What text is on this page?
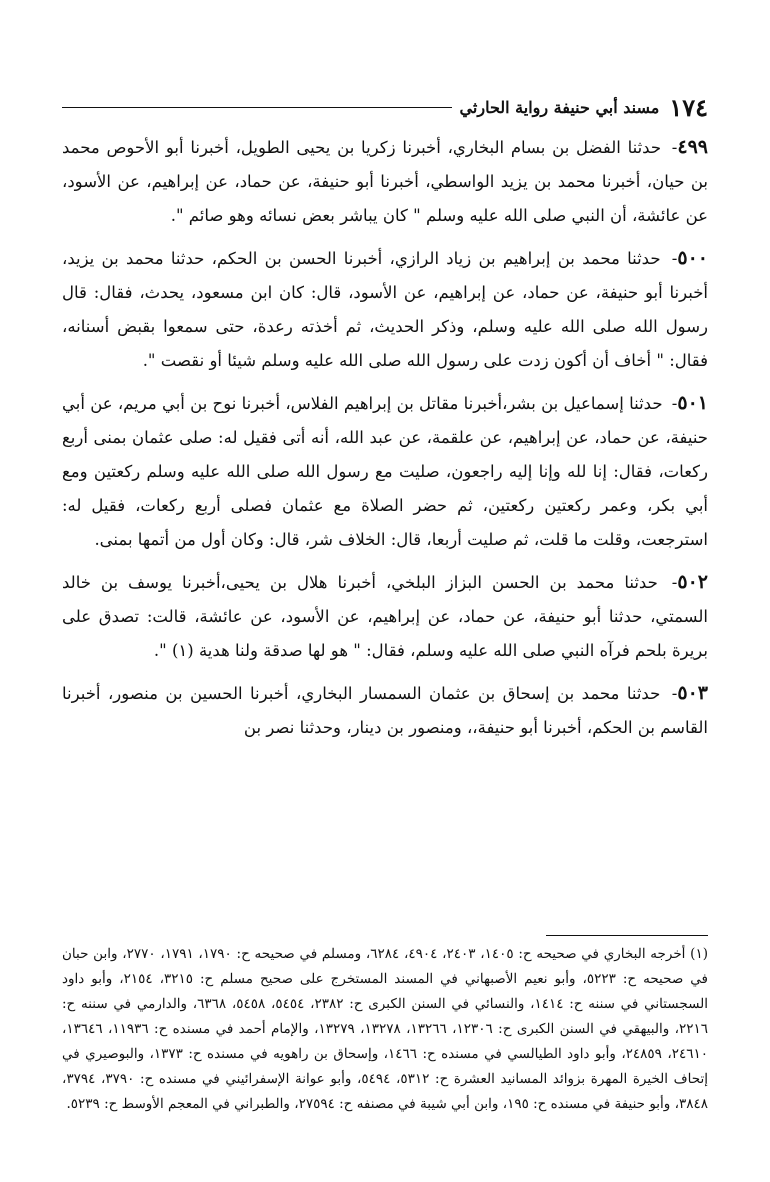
١٧٤
مسند أبي حنيفة رواية الحارثي

٤٩٩- حدثنا الفضل بن بسام البخاري، أخبرنا زكريا بن يحيى الطويل، أخبرنا أبو الأحوص محمد بن حيان، أخبرنا محمد بن يزيد الواسطي، أخبرنا أبو حنيفة، عن حماد، عن إبراهيم، عن الأسود، عن عائشة، أن النبي صلى الله عليه وسلم " كان يباشر بعض نسائه وهو صائم ".

٥٠٠- حدثنا محمد بن إبراهيم بن زياد الرازي، أخبرنا الحسن بن الحكم، حدثنا محمد بن يزيد، أخبرنا أبو حنيفة، عن حماد، عن إبراهيم، عن الأسود، قال: كان ابن مسعود، يحدث، فقال: قال رسول الله صلى الله عليه وسلم، وذكر الحديث، ثم أخذته رعدة، حتى سمعوا بقبض أسنانه، فقال: " أخاف أن أكون زدت على رسول الله صلى الله عليه وسلم شيئا أو نقصت ".

٥٠١- حدثنا إسماعيل بن بشر،أخبرنا مقاتل بن إبراهيم الفلاس، أخبرنا نوح بن أبي مريم، عن أبي حنيفة، عن حماد، عن إبراهيم، عن علقمة، عن عبد الله، أنه أتى فقيل له: صلى عثمان بمنى أربع ركعات، فقال: إنا لله وإنا إليه راجعون، صليت مع رسول الله صلى الله عليه وسلم ركعتين ومع أبي بكر، وعمر ركعتين ركعتين، ثم حضر الصلاة مع عثمان فصلى أربع ركعات، فقيل له: استرجعت، وقلت ما قلت، ثم صليت أربعا، قال: الخلاف شر، قال: وكان أول من أتمها بمنى.

٥٠٢- حدثنا محمد بن الحسن البزاز البلخي، أخبرنا هلال بن يحيى،أخبرنا يوسف بن خالد السمتي، حدثنا أبو حنيفة، عن حماد، عن إبراهيم، عن الأسود، عن عائشة، قالت: تصدق على بريرة بلحم فرآه النبي صلى الله عليه وسلم، فقال: " هو لها صدقة ولنا هدية (١) ".

٥٠٣- حدثنا محمد بن إسحاق بن عثمان السمسار البخاري، أخبرنا الحسين بن منصور، أخبرنا القاسم بن الحكم، أخبرنا أبو حنيفة،، ومنصور بن دينار، وحدثنا نصر بن

(١) أخرجه البخاري في صحيحه ح: ١٤٠٥، ٢٤٠٣، ٤٩٠٤، ٦٢٨٤، ومسلم في صحيحه ح: ١٧٩٠، ١٧٩١، ٢٧٧٠، وابن حبان في صحيحه ح: ٥٢٢٣، وأبو نعيم الأصبهاني في المسند المستخرج على صحيح مسلم ح: ٣٢١٥، ٢١٥٤، وأبو داود السجستاني في سننه ح: ١٤١٤، والنسائي في السنن الكبرى ح: ٢٣٨٢، ٥٤٥٤، ٥٤٥٨، ٦٣٦٨، والدارمي في سننه ح: ٢٢١٦، والبيهقي في السنن الكبرى ح: ١٢٣٠٦، ١٣٢٦٦، ١٣٢٧٨، ١٣٢٧٩، والإمام أحمد في مسنده ح: ١١٩٣٦، ١٣٦٤٦، ٢٤٦١٠، ٢٤٨٥٩، وأبو داود الطيالسي في مسنده ح: ١٤٦٦، وإسحاق بن راهويه في مسنده ح: ١٣٧٣، والبوصيري في إتحاف الخيرة المهرة بزوائد المسانيد العشرة ح: ٥٣١٢، ٥٤٩٤، وأبو عوانة الإسفرائيني في مسنده ح: ٣٧٩٠، ٣٧٩٤، ٣٨٤٨، وأبو حنيفة في مسنده ح: ١٩٥، وابن أبي شيبة في مصنفه ح: ٢٧٥٩٤، والطبراني في المعجم الأوسط ح: ٥٢٣٩.
